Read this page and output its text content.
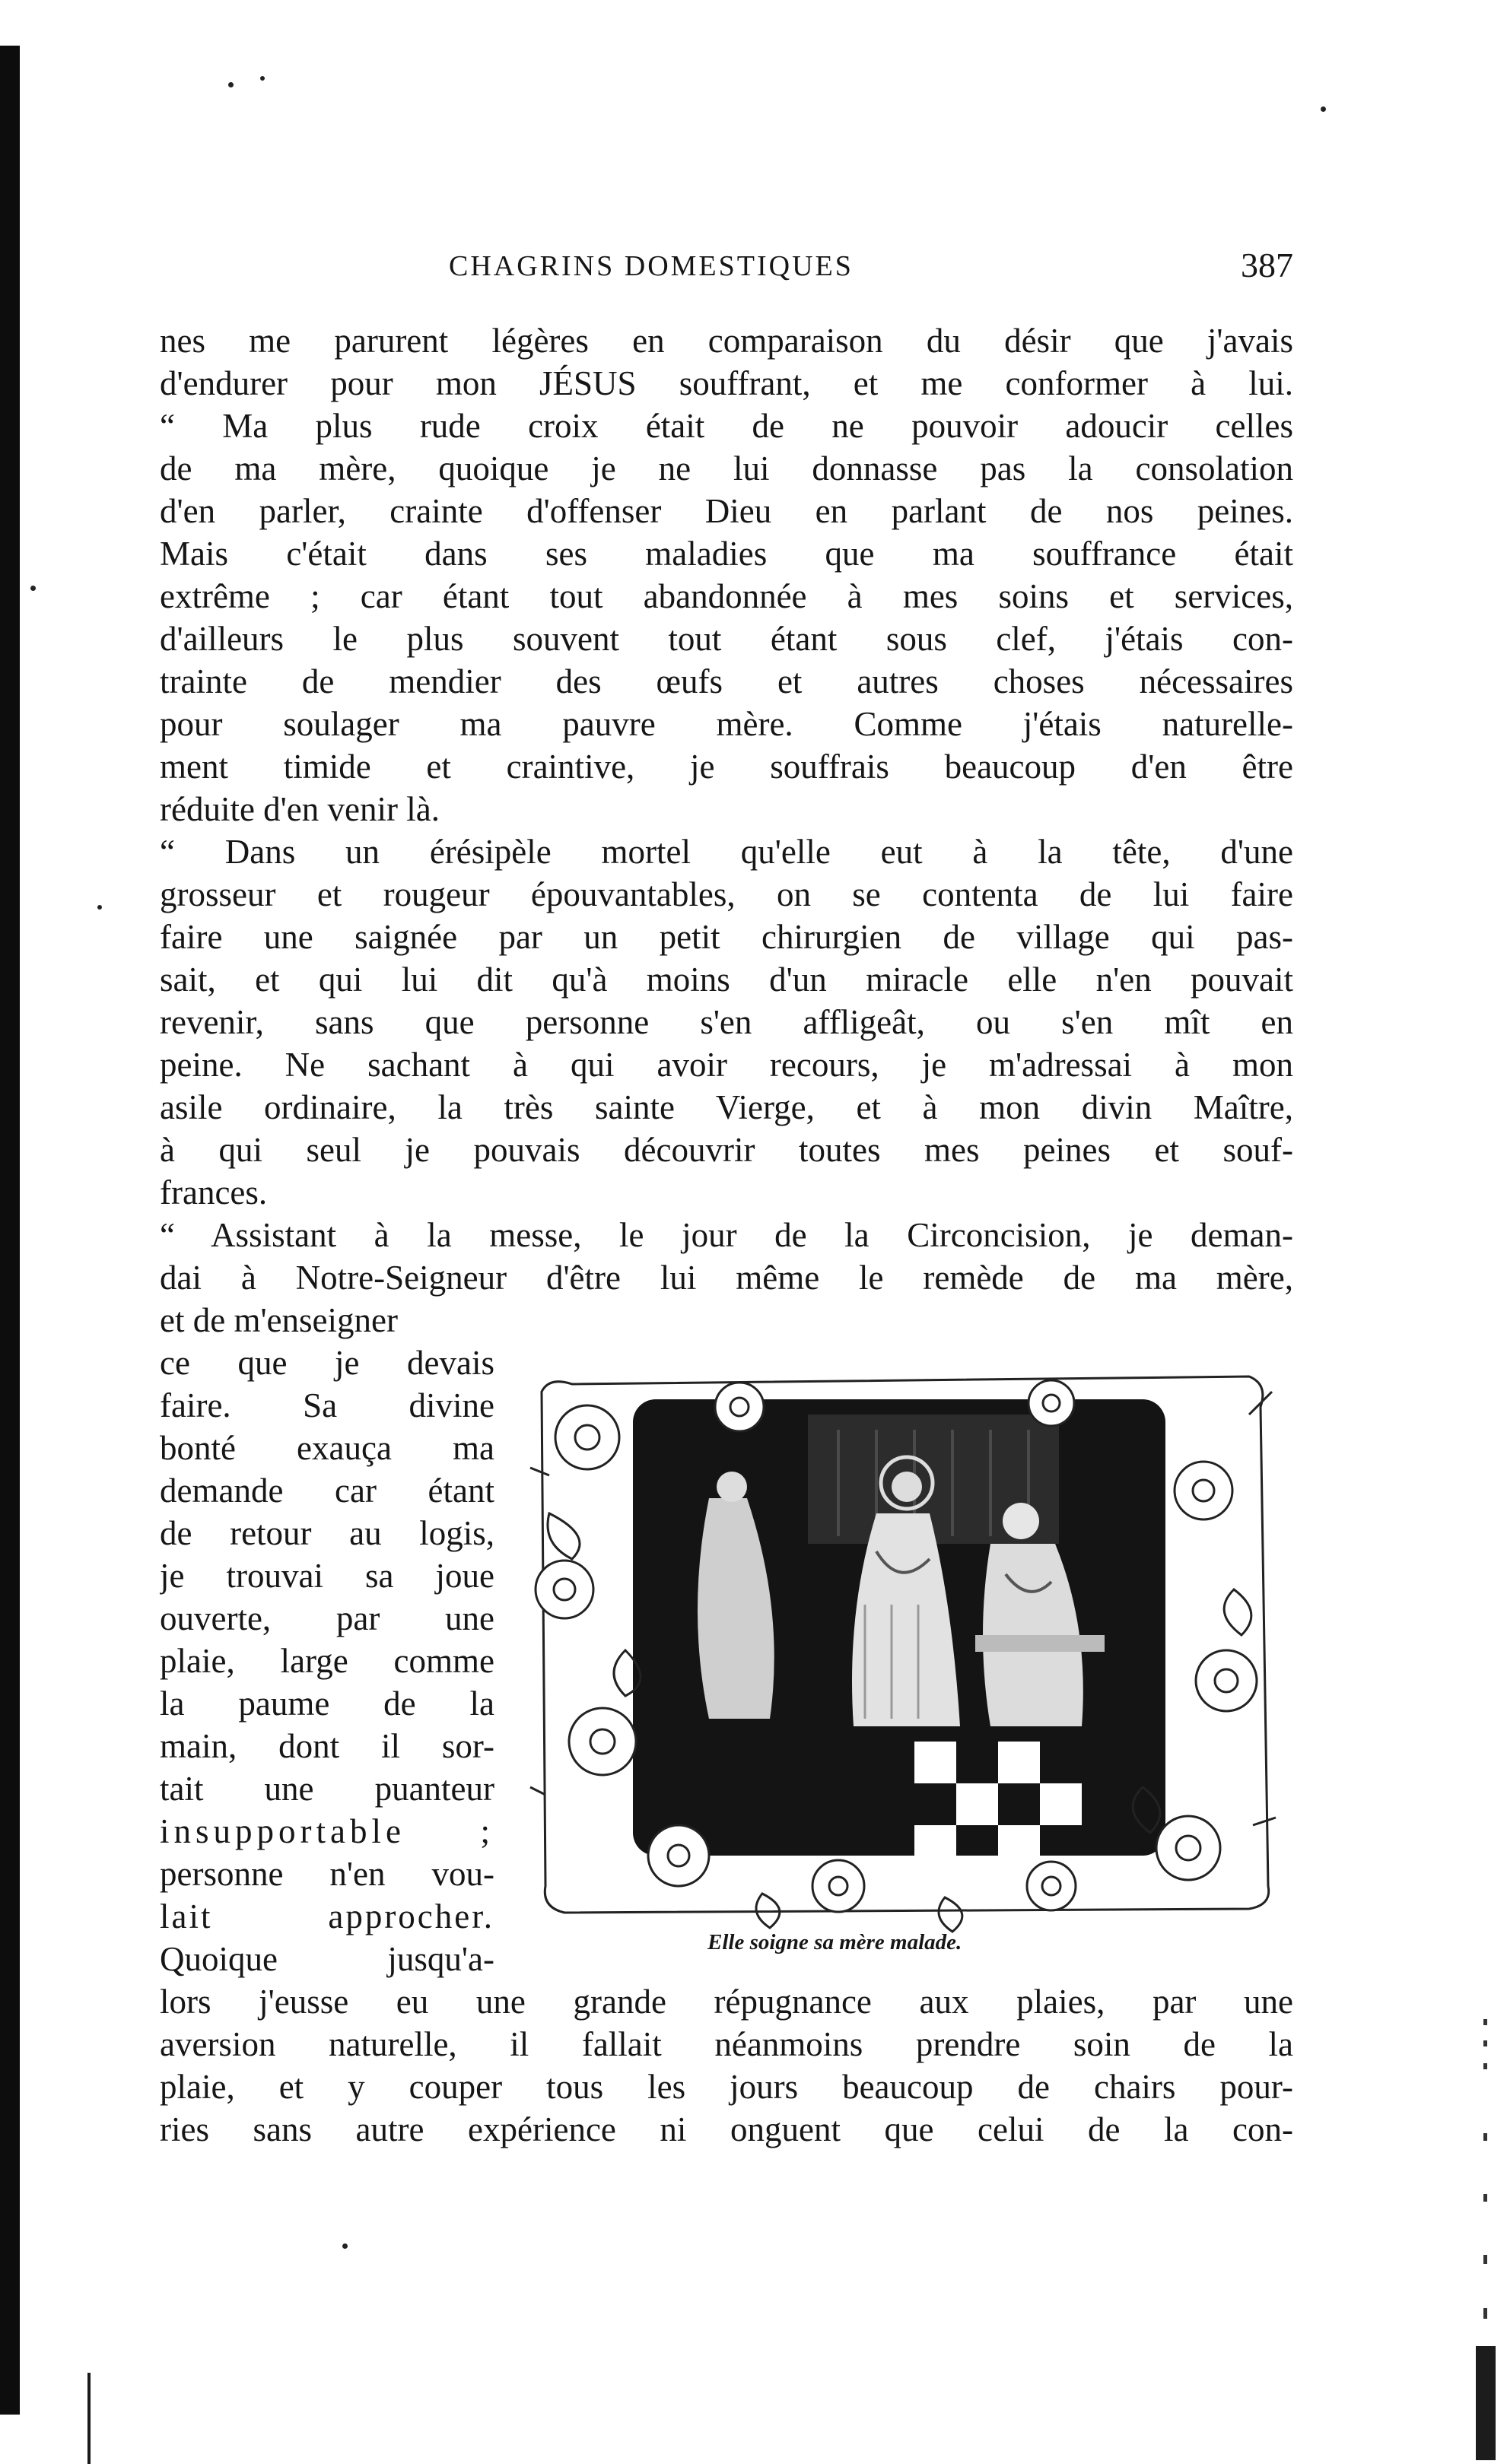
CHAGRINS DOMESTIQUES	387
nes me parurent légères en comparaison du désir que j'avais
d'endurer pour mon JÉSUS souffrant, et me conformer à lui.
“ Ma plus rude croix était de ne pouvoir adoucir celles
de ma mère, quoique je ne lui donnasse pas la consolation
d'en parler, crainte d'offenser Dieu en parlant de nos peines.
Mais c'était dans ses maladies que ma souffrance était
extrême ; car étant tout abandonnée à mes soins et services,
d'ailleurs le plus souvent tout étant sous clef, j'étais con-
trainte de mendier des œufs et autres choses nécessaires
pour soulager ma pauvre mère. Comme j'étais naturelle-
ment timide et craintive, je souffrais beaucoup d'en être
réduite d'en venir là.
“ Dans un érésipèle mortel qu'elle eut à la tête, d'une
grosseur et rougeur épouvantables, on se contenta de lui faire
faire une saignée par un petit chirurgien de village qui pas-
sait, et qui lui dit qu'à moins d'un miracle elle n'en pouvait
revenir, sans que personne s'en affligeât, ou s'en mît en
peine. Ne sachant à qui avoir recours, je m'adressai à mon
asile ordinaire, la très sainte Vierge, et à mon divin Maître,
à qui seul je pouvais découvrir toutes mes peines et souf-
frances.
“ Assistant à la messe, le jour de la Circoncision, je deman-
dai à Notre-Seigneur d'être lui même le remède de ma mère,
et de m'enseigner
ce que je devais
faire. Sa divine
bonté exauça ma
demande car étant
de retour au logis,
je trouvai sa joue
ouverte, par une
plaie, large comme
la paume de la
main, dont il sor-
tait une puanteur
insupportable ;
personne n'en vou-
lait approcher.
Quoique jusqu'a-
lors j'eusse eu une grande répugnance aux plaies, par une
aversion naturelle, il fallait néanmoins prendre soin de la
plaie, et y couper tous les jours beaucoup de chairs pour-
ries sans autre expérience ni onguent que celui de la con-
Elle soigne sa mère malade.
